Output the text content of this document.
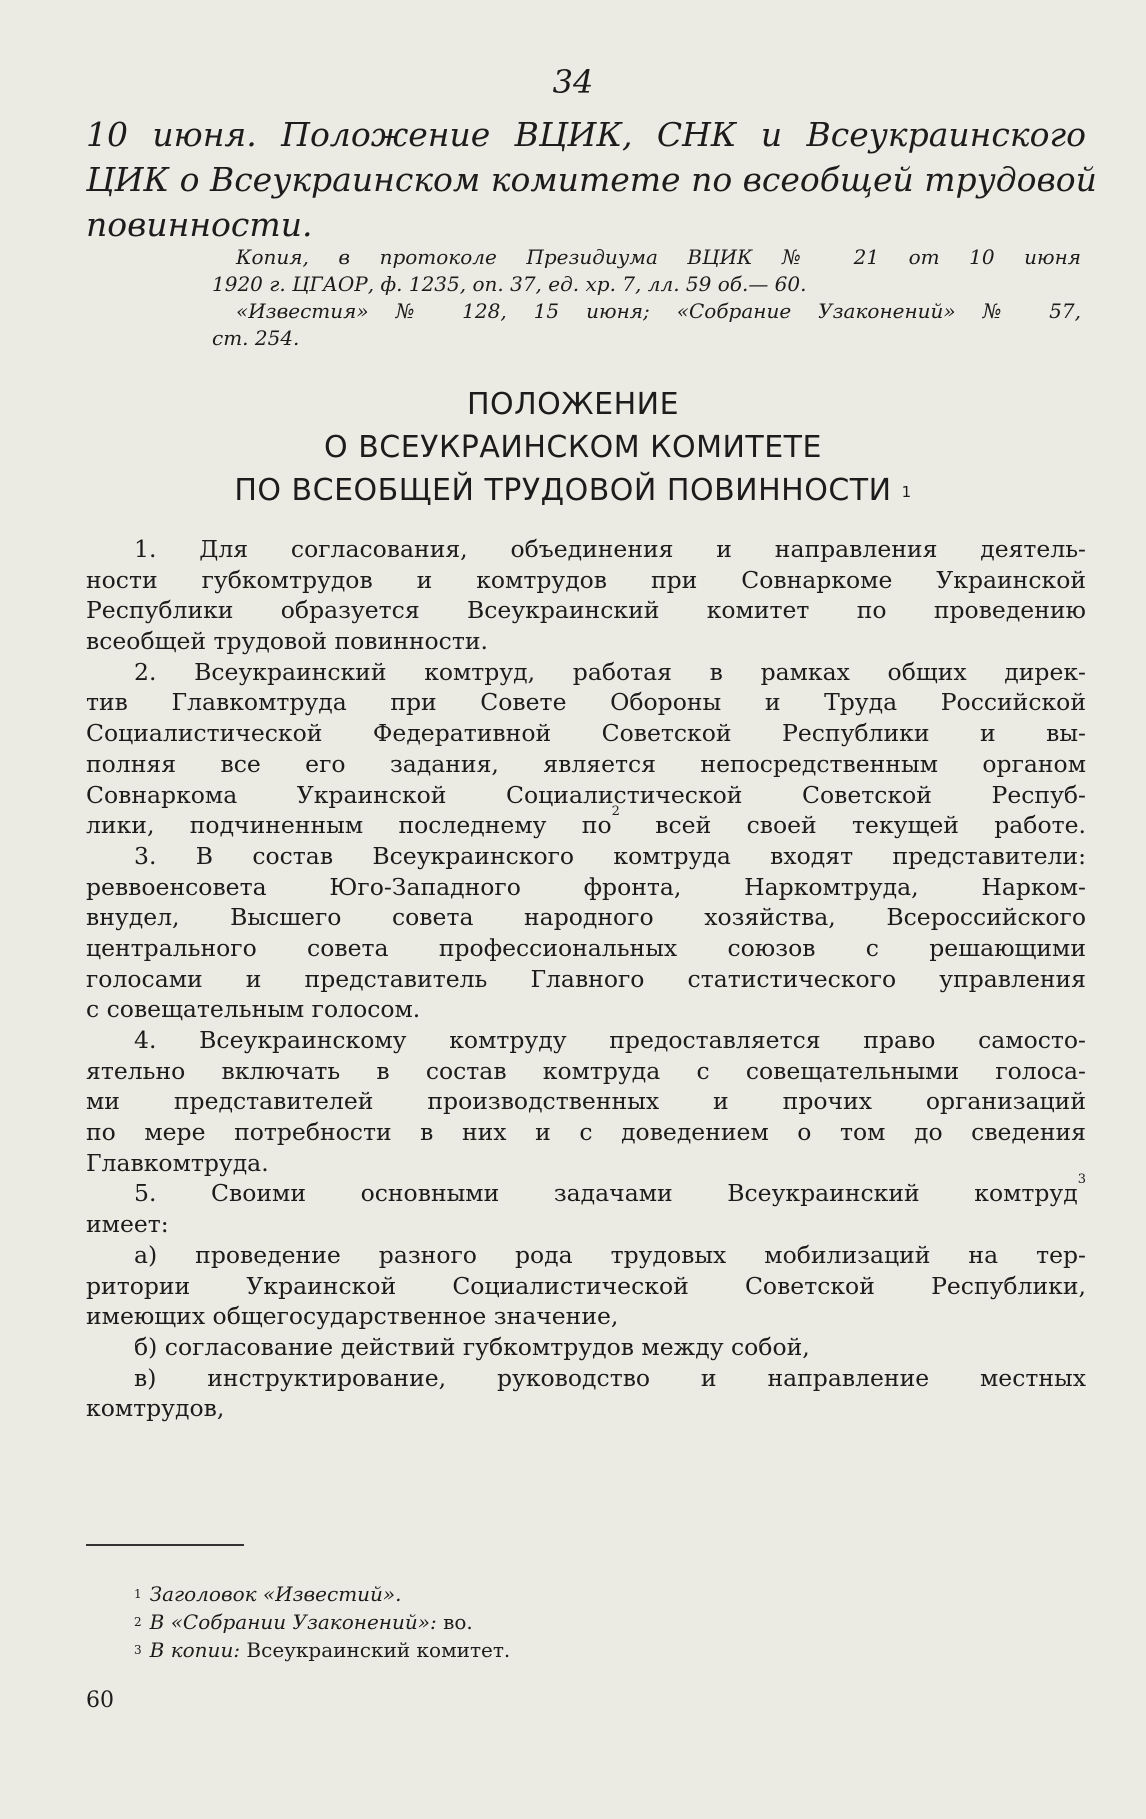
34
10 июня. Положение ВЦИК, СНК и Всеукраинского
ЦИК о Всеукраинском комитете по всеобщей трудовой
повинности.
Копия, в протоколе Президиума ВЦИК № 21 от 10 июня
1920 г. ЦГАОР, ф. 1235, оп. 37, ед. хр. 7, лл. 59 об.— 60.
«Известия» № 128, 15 июня; «Собрание Узаконений» № 57,
ст. 254.
ПОЛОЖЕНИЕ
О ВСЕУКРАИНСКОМ КОМИТЕТЕ
ПО ВСЕОБЩЕЙ ТРУДОВОЙ ПОВИННОСТИ $^1$
1. Для согласования, объединения и направления деятель-
ности губкомтрудов и комтрудов при Совнаркоме Украинской
Республики образуется Всеукраинский комитет по проведению
всеобщей трудовой повинности.
2. Всеукраинский комтруд, работая в рамках общих дирек-
тив Главкомтруда при Совете Обороны и Труда Российской
Социалистической Федеративной Советской Республики и вы-
полняя все его задания, является непосредственным органом
Совнаркома Украинской Социалистической Советской Респуб-
лики, подчиненным последнему $по^2$ всей своей текущей работе.
3. В состав Всеукраинского комтруда входят представители:
реввоенсовета Юго-Западного фронта, Наркомтруда, Нарком-
внудел, Высшего совета народного хозяйства, Всероссийского
центрального совета профессиональных союзов с решающими
голосами и представитель Главного статистического управления
с совещательным голосом.
4. Всеукраинскому комтруду предоставляется право самосто-
ятельно включать в состав комтруда с совещательными голоса-
ми представителей производственных и прочих организаций
по мере потребности в них и с доведением о том до сведения
Главкомтруда.
5. Своими основными задачами Всеукраинский комтруд$^3$
имеет:
а) проведение разного рода трудовых мобилизаций на тер-
ритории Украинской Социалистической Советской Республики,
имеющих общегосударственное значение,
б) согласование действий губкомтрудов между собой,
в) инструктирование, руководство и направление местных
комтрудов,
$^1$ Заголовок «Известий».
$^2$ В «Собрании Узаконений»: во.
$^3$ В копии: Всеукраинский комитет.
60
